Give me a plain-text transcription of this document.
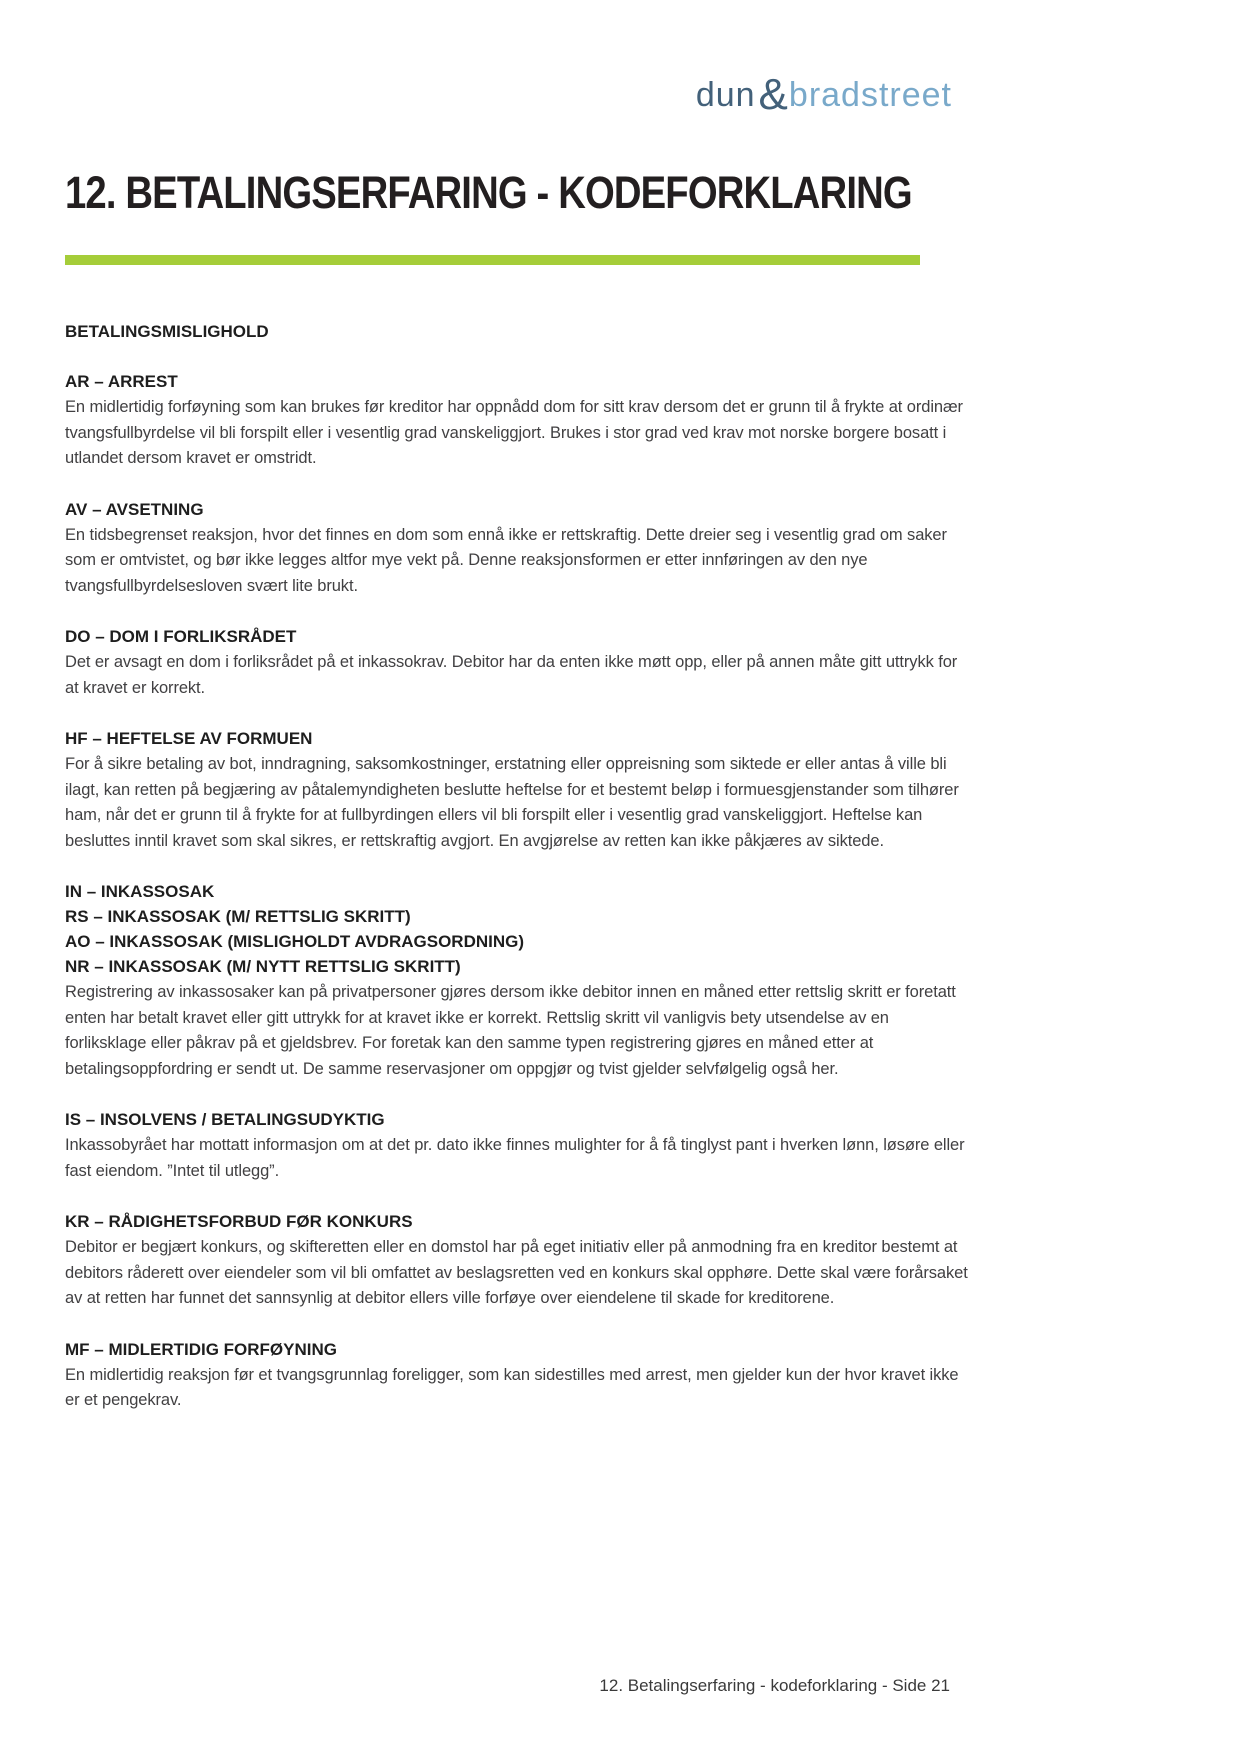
dun&bradstreet
12. BETALINGSERFARING - KODEFORKLARING
BETALINGSMISLIGHOLD
AR – ARREST

En midlertidig forføyning som kan brukes før kreditor har oppnådd dom for sitt krav dersom det er grunn til å frykte at ordinær tvangsfullbyrdelse vil bli forspilt eller i vesentlig grad vanskeliggjort. Brukes i stor grad ved krav mot norske borgere bosatt i utlandet dersom kravet er omstridt.

AV – AVSETNING

En tidsbegrenset reaksjon, hvor det finnes en dom som ennå ikke er rettskraftig. Dette dreier seg i vesentlig grad om saker som er omtvistet, og bør ikke legges altfor mye vekt på. Denne reaksjonsformen er etter innføringen av den nye tvangsfullbyrdelsesloven svært lite brukt.

DO – DOM I FORLIKSRÅDET

Det er avsagt en dom i forliksrådet på et inkassokrav. Debitor har da enten ikke møtt opp, eller på annen måte gitt uttrykk for at kravet er korrekt.

HF – HEFTELSE AV FORMUEN

For å sikre betaling av bot, inndragning, saksomkostninger, erstatning eller oppreisning som siktede er eller antas å ville bli ilagt, kan retten på begjæring av påtalemyndigheten beslutte heftelse for et bestemt beløp i formuesgjenstander som tilhører ham, når det er grunn til å frykte for at fullbyrdingen ellers vil bli forspilt eller i vesentlig grad vanskeliggjort. Heftelse kan besluttes inntil kravet som skal sikres, er rettskraftig avgjort. En avgjørelse av retten kan ikke påkjæres av siktede.

IN – INKASSOSAK
RS – INKASSOSAK (M/ RETTSLIG SKRITT)
AO – INKASSOSAK (MISLIGHOLDT AVDRAGSORDNING)
NR – INKASSOSAK (M/ NYTT RETTSLIG SKRITT)

Registrering av inkassosaker kan på privatpersoner gjøres dersom ikke debitor innen en måned etter rettslig skritt er foretatt enten har betalt kravet eller gitt uttrykk for at kravet ikke er korrekt. Rettslig skritt vil vanligvis bety utsendelse av en forliksklage eller påkrav på et gjeldsbrev. For foretak kan den samme typen registrering gjøres en måned etter at betalingsoppfordring er sendt ut. De samme reservasjoner om oppgjør og tvist gjelder selvfølgelig også her.

IS – INSOLVENS / BETALINGSUDYKTIG

Inkassobyrået har mottatt informasjon om at det pr. dato ikke finnes mulighter for å få tinglyst pant i hverken lønn, løsøre eller fast eiendom. ”Intet til utlegg”.

KR – RÅDIGHETSFORBUD FØR KONKURS

Debitor er begjært konkurs, og skifteretten eller en domstol har på eget initiativ eller på anmodning fra en kreditor bestemt at debitors råderett over eiendeler som vil bli omfattet av beslagsretten ved en konkurs skal opphøre. Dette skal være forårsaket av at retten har funnet det sannsynlig at debitor ellers ville forføye over eiendelene til skade for kreditorene.

MF – MIDLERTIDIG FORFØYNING

En midlertidig reaksjon før et tvangsgrunnlag foreligger, som kan sidestilles med arrest, men gjelder kun der hvor kravet ikke er et pengekrav.

12. Betalingserfaring - kodeforklaring - Side 21
